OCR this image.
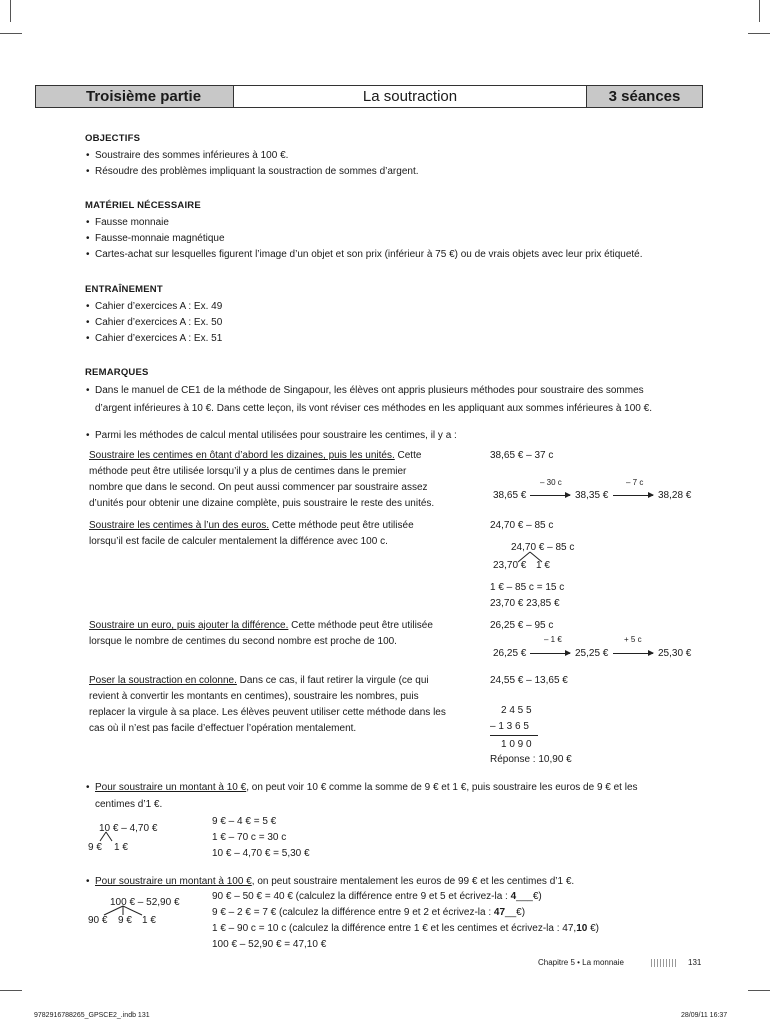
Troisième partie	La soutraction	3 séances
OBJECTIFS
• Soustraire des sommes inférieures à 100 €.
• Résoudre des problèmes impliquant la soustraction de sommes d’argent.
MATÉRIEL NÉCESSAIRE
• Fausse monnaie
• Fausse-monnaie magnétique
• Cartes-achat sur lesquelles figurent l’image d’un objet et son prix (inférieur à 75 €) ou de vrais objets avec leur prix étiqueté.
ENTRAÎNEMENT
• Cahier d’exercices A : Ex. 49
• Cahier d’exercices A : Ex. 50
• Cahier d’exercices A : Ex. 51
REMARQUES
• Dans le manuel de CE1 de la méthode de Singapour, les élèves ont appris plusieurs méthodes pour soustraire des sommes
d’argent inférieures à 10 €. Dans cette leçon, ils vont réviser ces méthodes en les appliquant aux sommes inférieures à 100 €.
• Parmi les méthodes de calcul mental utilisées pour soustraire les centimes, il y a :
Soustraire les centimes en ôtant d’abord les dizaines, puis les unités. Cette
méthode peut être utilisée lorsqu’il y a plus de centimes dans le premier
nombre que dans le second. On peut aussi commencer par soustraire assez
d’unités pour obtenir une dizaine complète, puis soustraire le reste des unités.
38,65 € – 37 c
– 30 c	– 7 c
38,65 €	38,35 €	38,28 €
Soustraire les centimes à l’un des euros. Cette méthode peut être utilisée
lorsqu’il est facile de calculer mentalement la différence avec 100 c.
24,70 € – 85 c
24,70 € – 85 c
23,70 € 1 €
1 € – 85 c = 15 c
23,70 € 23,85 €
Soustraire un euro, puis ajouter la différence. Cette méthode peut être utilisée
lorsque le nombre de centimes du second nombre est proche de 100.
26,25 € – 95 c
– 1 €	+ 5 c
26,25 €	25,25 €	25,30 €
Poser la soustraction en colonne. Dans ce cas, il faut retirer la virgule (ce qui
revient à convertir les montants en centimes), soustraire les nombres, puis
replacer la virgule à sa place. Les élèves peuvent utiliser cette méthode dans les
cas où il n’est pas facile d’effectuer l’opération mentalement.
24,55 € – 13,65 €
2 4 5 5
– 1 3 6 5
1 0 9 0
Réponse : 10,90 €
• Pour soustraire un montant à 10 €, on peut voir 10 € comme la somme de 9 € et 1 €, puis soustraire les euros de 9 € et les
centimes d’1 €.
10 € – 4,70 €
9 € 1 €
9 € – 4 € = 5 €
1 € – 70 c = 30 c
10 € – 4,70 € = 5,30 €
• Pour soustraire un montant à 100 €, on peut soustraire mentalement les euros de 99 € et les centimes d’1 €.
100 € – 52,90 €
90 € 9 € 1 €
90 € – 50 € = 40 € (calculez la différence entre 9 et 5 et écrivez-la : 4___€)
9 € – 2 € = 7 € (calculez la différence entre 9 et 2 et écrivez-la : 47__€)
1 € – 90 c = 10 c (calculez la différence entre 1 € et les centimes et écrivez-la : 47,10 €)
100 € – 52,90 € = 47,10 €
Chapitre 5 • La monnaie	131
9782916788265_GPSCE2_.indb 131	28/09/11 16:37
